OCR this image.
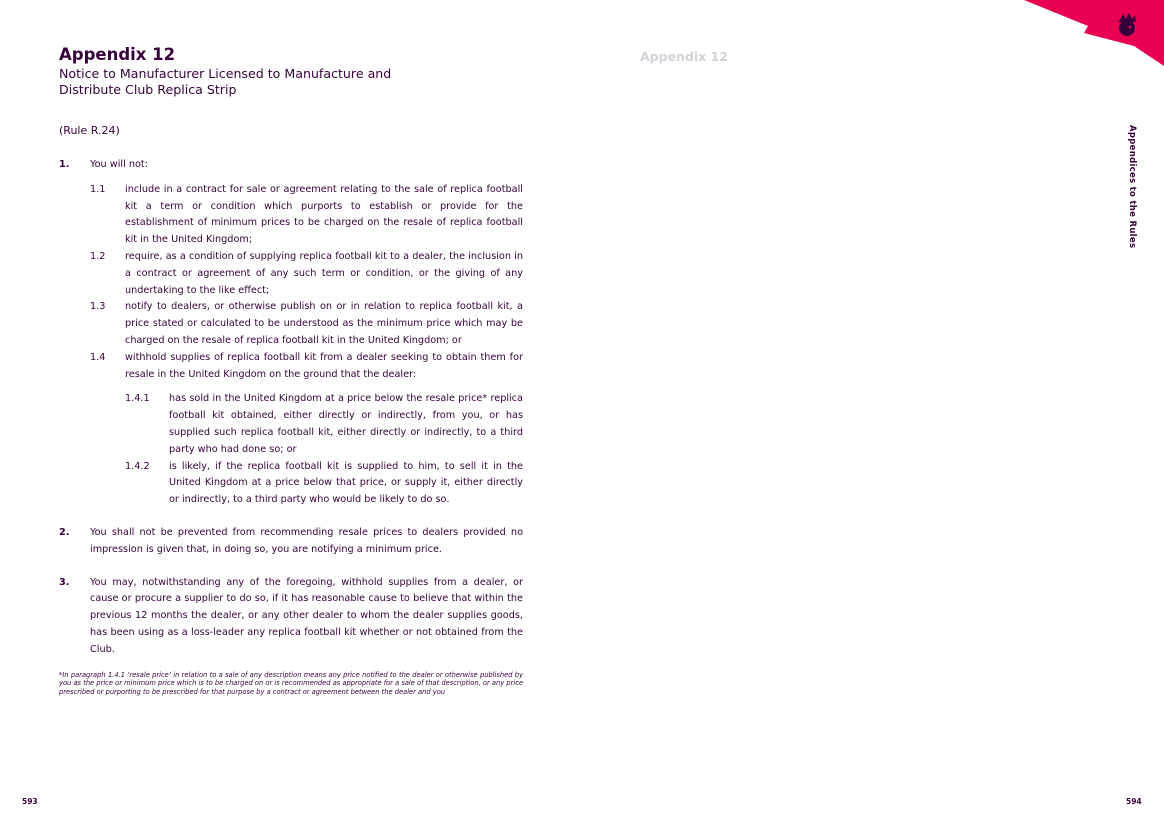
Appendix 12
Notice to Manufacturer Licensed to Manufacture and Distribute Club Replica Strip
Appendix 12
(Rule R.24)
1.	You will not:
1.1	include in a contract for sale or agreement relating to the sale of replica football kit a term or condition which purports to establish or provide for the establishment of minimum prices to be charged on the resale of replica football kit in the United Kingdom;
1.2	require, as a condition of supplying replica football kit to a dealer, the inclusion in a contract or agreement of any such term or condition, or the giving of any undertaking to the like effect;
1.3	notify to dealers, or otherwise publish on or in relation to replica football kit, a price stated or calculated to be understood as the minimum price which may be charged on the resale of replica football kit in the United Kingdom; or
1.4	withhold supplies of replica football kit from a dealer seeking to obtain them for resale in the United Kingdom on the ground that the dealer:
1.4.1	has sold in the United Kingdom at a price below the resale price* replica football kit obtained, either directly or indirectly, from you, or has supplied such replica football kit, either directly or indirectly, to a third party who had done so; or
1.4.2	is likely, if the replica football kit is supplied to him, to sell it in the United Kingdom at a price below that price, or supply it, either directly or indirectly, to a third party who would be likely to do so.
2.	You shall not be prevented from recommending resale prices to dealers provided no impression is given that, in doing so, you are notifying a minimum price.
3.	You may, notwithstanding any of the foregoing, withhold supplies from a dealer, or cause or procure a supplier to do so, if it has reasonable cause to believe that within the previous 12 months the dealer, or any other dealer to whom the dealer supplies goods, has been using as a loss-leader any replica football kit whether or not obtained from the Club.
*In paragraph 1.4.1 ‘resale price’ in relation to a sale of any description means any price notified to the dealer or otherwise published by you as the price or minimum price which is to be charged on or is recommended as appropriate for a sale of that description, or any price prescribed or purporting to be prescribed for that purpose by a contract or agreement between the dealer and you
Appendices to the Rules
593	594
